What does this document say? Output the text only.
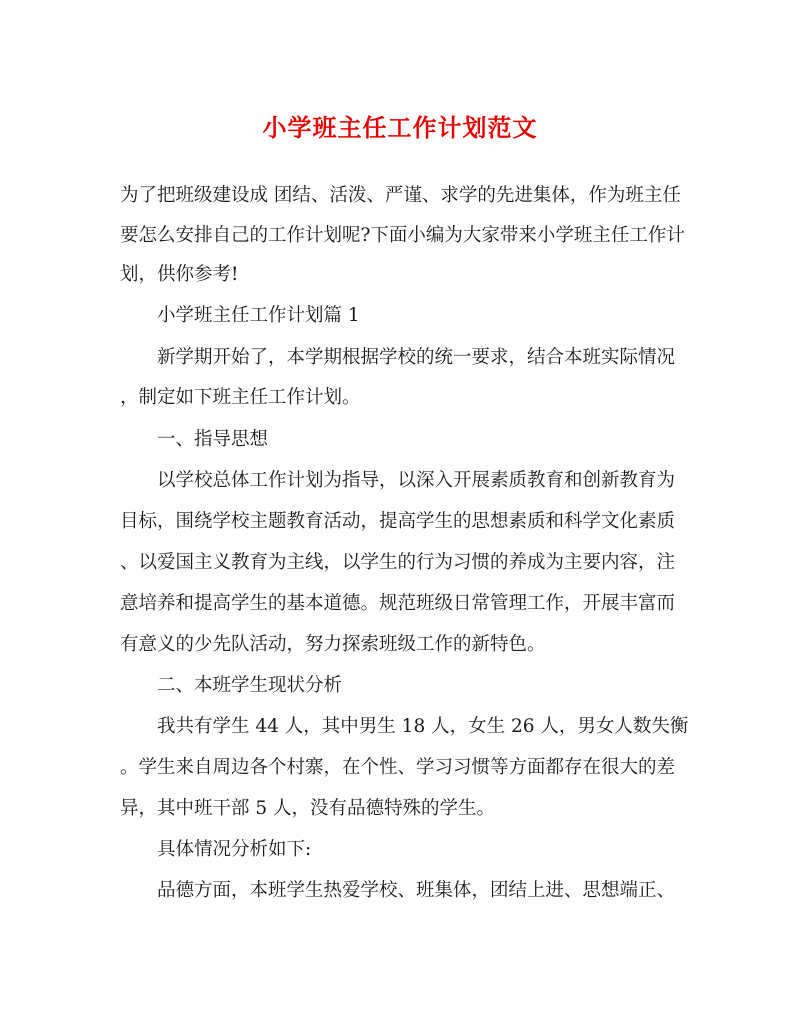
小学班主任工作计划范文

为了把班级建设成 团结、活泼、严谨、求学的先进集体，作为班主任

要怎么安排自己的工作计划呢?下面小编为大家带来小学班主任工作计

划，供你参考!

小学班主任工作计划篇 1

新学期开始了，本学期根据学校的统一要求，结合本班实际情况

，制定如下班主任工作计划。

一、指导思想

以学校总体工作计划为指导，以深入开展素质教育和创新教育为

目标，围绕学校主题教育活动，提高学生的思想素质和科学文化素质

、以爱国主义教育为主线，以学生的行为习惯的养成为主要内容，注

意培养和提高学生的基本道德。规范班级日常管理工作，开展丰富而

有意义的少先队活动，努力探索班级工作的新特色。

二、本班学生现状分析

我共有学生 44 人，其中男生 18 人，女生 26 人，男女人数失衡

。学生来自周边各个村寨，在个性、学习习惯等方面都存在很大的差

异，其中班干部 5 人，没有品德特殊的学生。

具体情况分析如下:

品德方面，本班学生热爱学校、班集体，团结上进、思想端正、
